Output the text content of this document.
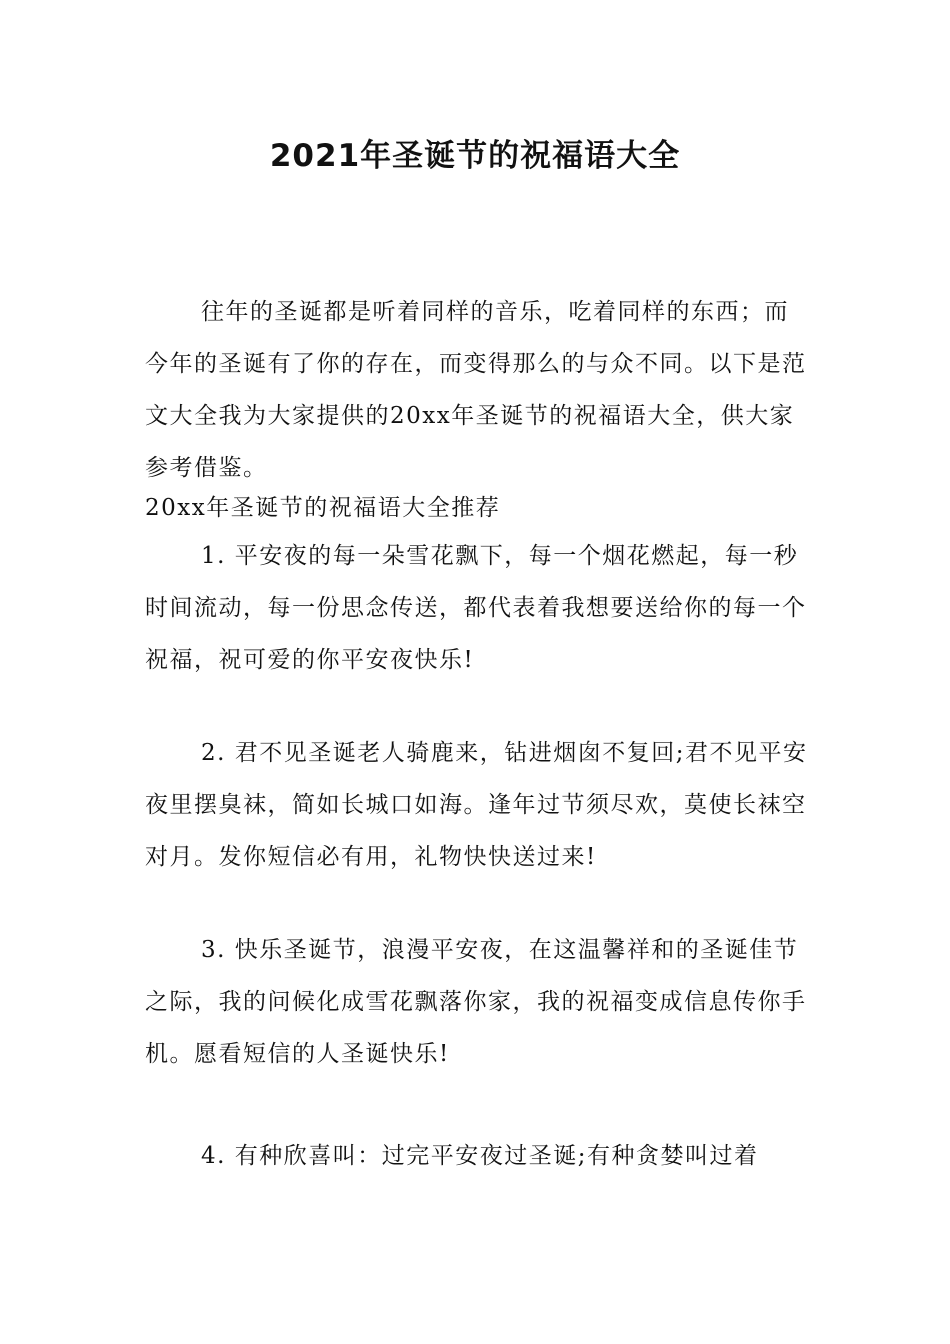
2021年圣诞节的祝福语大全

往年的圣诞都是听着同样的音乐，吃着同样的东西；而今年的圣诞有了你的存在，而变得那么的与众不同。以下是范文大全我为大家提供的20xx年圣诞节的祝福语大全，供大家参考借鉴。

20xx年圣诞节的祝福语大全推荐

1. 平安夜的每一朵雪花飘下，每一个烟花燃起，每一秒时间流动，每一份思念传送，都代表着我想要送给你的每一个祝福，祝可爱的你平安夜快乐!

2. 君不见圣诞老人骑鹿来，钻进烟囱不复回;君不见平安夜里摆臭袜，简如长城口如海。逢年过节须尽欢，莫使长袜空对月。发你短信必有用，礼物快快送过来!

3. 快乐圣诞节，浪漫平安夜，在这温馨祥和的圣诞佳节之际，我的问候化成雪花飘落你家，我的祝福变成信息传你手机。愿看短信的人圣诞快乐!

4. 有种欣喜叫：过完平安夜过圣诞;有种贪婪叫过着
